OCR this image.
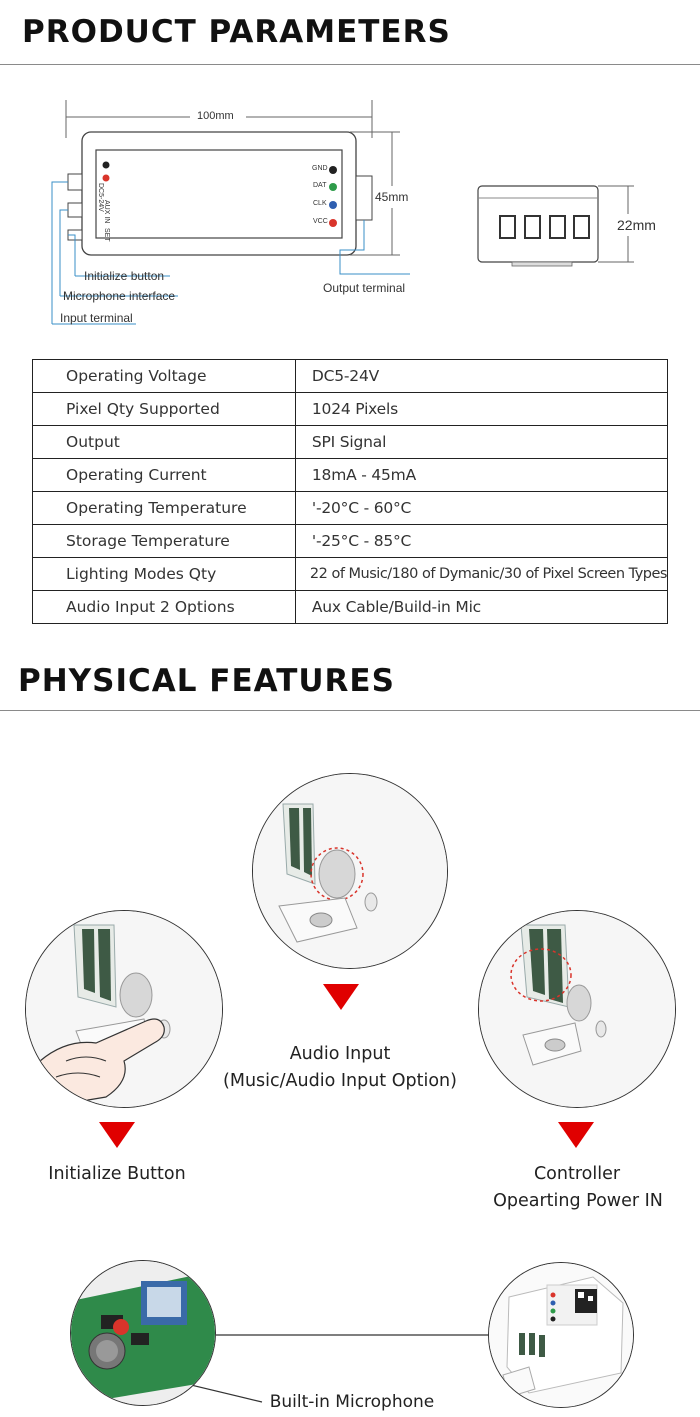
PRODUCT PARAMETERS
100mm
45mm
22mm
DC5-24V AUX IN
SET
GND
DAT
CLK
VCC
Initialize button
Microphone interface
Input terminal
Output terminal
Operating Voltage	DC5-24V
Pixel Qty Supported	1024 Pixels
Output	SPI Signal
Operating Current	18mA - 45mA
Operating Temperature	'-20°C - 60°C
Storage Temperature	'-25°C - 85°C
Lighting Modes Qty	22 of Music/180 of Dymanic/30 of Pixel Screen Types
Audio Input 2 Options	Aux Cable/Build-in Mic
PHYSICAL FEATURES
Audio Input
(Music/Audio Input Option)
Initialize Button	Controller
Opearting Power IN
Built-in Microphone
